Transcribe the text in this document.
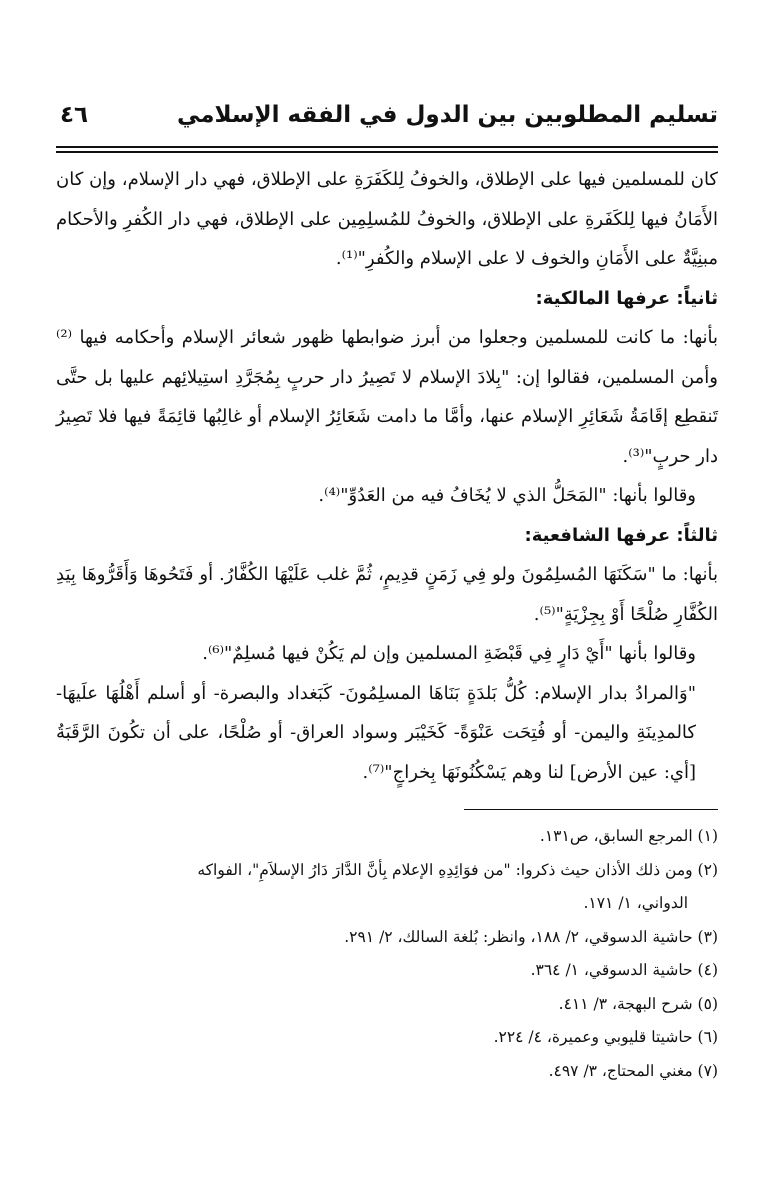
تسليم المطلوبين بين الدول في الفقه الإسلامي
٤٦

كان للمسلمين فيها على الإطلاق، والخوفُ لِلكَفَرَةِ على الإطلاق، فهي دار الإسلام، وإن كان الأَمَانُ فيها لِلكَفَرةِ على الإطلاق، والخوفُ للمُسلِمِين على الإطلاق، فهي دار الكُفرِ والأحكام مبنِيَّةٌ على الأَمَانِ والخوف لا على الإسلام والكُفرِ"⁽¹⁾.

ثانياً: عرفها المالكية:

بأنها: ما كانت للمسلمين وجعلوا من أبرز ضوابطها ظهور شعائر الإسلام وأحكامه فيها ⁽²⁾ وأمن المسلمين، فقالوا إن: "بِلادَ الإسلام لا تَصِيرُ دار حربٍ بِمُجَرَّدِ استِيلائِهم عليها بل حتَّى تَنقطِع إقَامَةُ شَعَائِرِ الإسلام عنها، وأمَّا ما دامت شَعَائِرُ الإسلام أو غالِبُها قائِمَةً فيها فلا تَصِيرُ دار حربٍ"⁽³⁾.

وقالوا بأنها: "المَحَلُّ الذي لا يُخَافُ فيه من العَدُوِّ"⁽⁴⁾.

ثالثاً: عرفها الشافعية:

بأنها: ما "سَكَنَهَا المُسلِمُونَ ولو فِي زَمَنٍ قدِيمٍ، ثُمَّ غلب عَلَيْهَا الكُفَّارُ. أو فَتَحُوهَا وَأَقَرُّوهَا بِيَدِ الكُفَّارِ صُلْحًا أَوْ بِجِزْيَةٍ"⁽⁵⁾.

وقالوا بأنها "أَيْ دَارٍ فِي قَبْضَةِ المسلمين وإن لم يَكُنْ فيها مُسلِمٌ"⁽⁶⁾.

"وَالمرادُ بدار الإسلام: كُلُّ بَلدَةٍ بَنَاهَا المسلِمُونَ- كَبَغداد والبصرة- أو أسلم أَهْلُهَا علَيهَا- كالمدِينَةِ واليمن- أو فُتِحَت عَنْوَةً- كَخَيْبَر وسواد العراق- أو صُلْحًا، على أن تكُونَ الرَّقَبَةُ [أي: عين الأرض] لنا وهم يَسْكُنُونَهَا بِخراجٍ"⁽⁷⁾.

(١) المرجع السابق، ص١٣١.

(٢) ومن ذلك الأذان حيث ذكروا: "من فوَائِدِهِ الإعلام بِأنَّ الدَّارَ دَارُ الإسلاَمِ"، الفواكه

الدواني، ١/ ١٧١.

(٣) حاشية الدسوقي، ٢/ ١٨٨، وانظر: بُلغة السالك، ٢/ ٢٩١.

(٤) حاشية الدسوقي، ١/ ٣٦٤.

(٥) شرح البهجة، ٣/ ٤١١.

(٦) حاشيتا قليوبي وعميرة، ٤/ ٢٢٤.

(٧) مغني المحتاج، ٣/ ٤٩٧.
